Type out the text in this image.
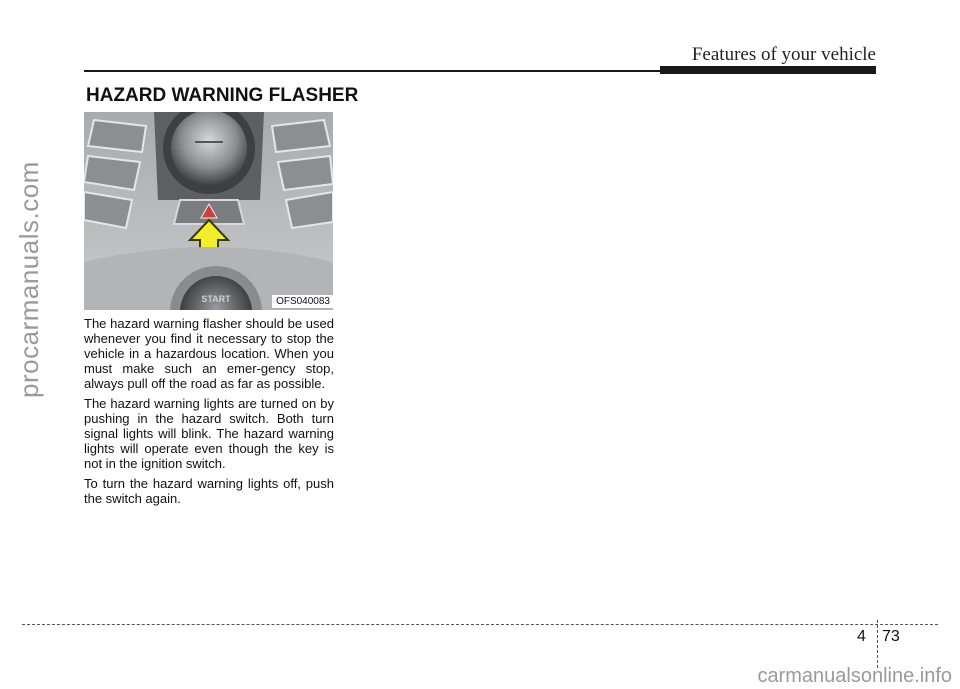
Features of your vehicle
procarmanuals.com
HAZARD WARNING FLASHER
START	OFS040083

The hazard warning flasher should be used whenever you find it necessary to stop the vehicle in a hazardous location. When you must make such an emer-gency stop, always pull off the road as far as possible.

The hazard warning lights are turned on by pushing in the hazard switch. Both turn signal lights will blink. The hazard warning lights will operate even though the key is not in the ignition switch.

To turn the hazard warning lights off, push the switch again.

4 73
carmanualsonline.info
